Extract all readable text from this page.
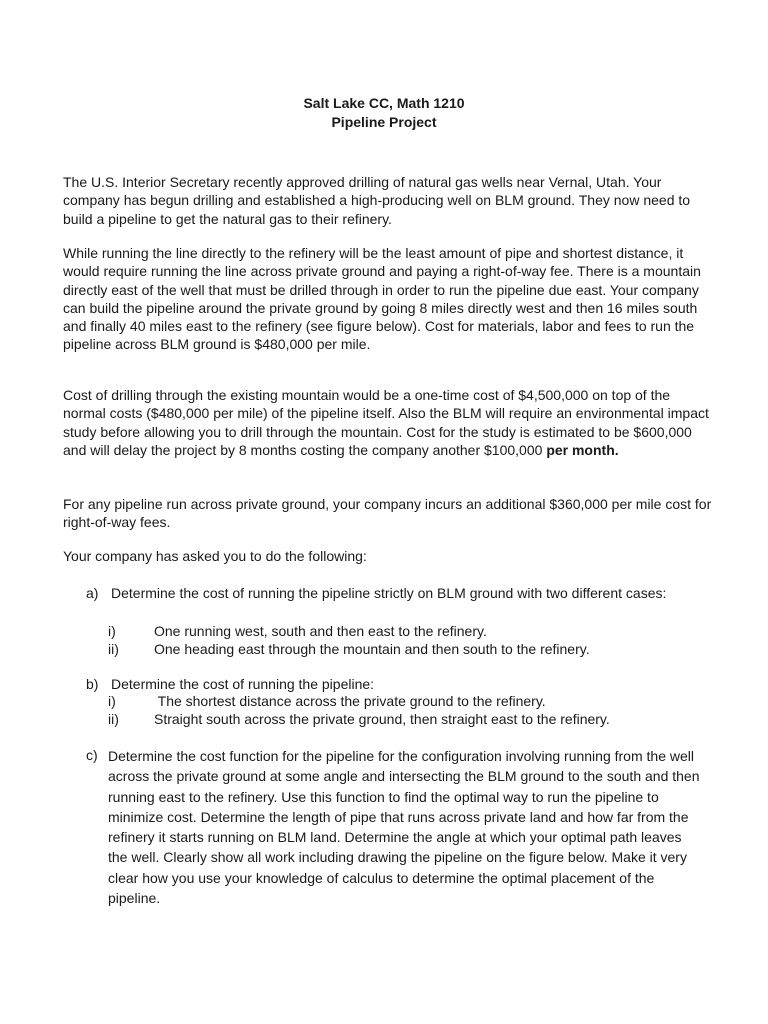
Salt Lake CC, Math 1210
Pipeline Project

The U.S. Interior Secretary recently approved drilling of natural gas wells near Vernal, Utah. Your company has begun drilling and established a high-producing well on BLM ground. They now need to build a pipeline to get the natural gas to their refinery.

While running the line directly to the refinery will be the least amount of pipe and shortest distance, it would require running the line across private ground and paying a right-of-way fee. There is a mountain directly east of the well that must be drilled through in order to run the pipeline due east. Your company can build the pipeline around the private ground by going 8 miles directly west and then 16 miles south and finally 40 miles east to the refinery (see figure below). Cost for materials, labor and fees to run the pipeline across BLM ground is $480,000 per mile.

Cost of drilling through the existing mountain would be a one-time cost of $4,500,000 on top of the normal costs ($480,000 per mile) of the pipeline itself. Also the BLM will require an environmental impact study before allowing you to drill through the mountain. Cost for the study is estimated to be $600,000 and will delay the project by 8 months costing the company another $100,000 per month.

For any pipeline run across private ground, your company incurs an additional $360,000 per mile cost for right-of-way fees.

Your company has asked you to do the following:

a) Determine the cost of running the pipeline strictly on BLM ground with two different cases:
i)	One running west, south and then east to the refinery.
ii)	One heading east through the mountain and then south to the refinery.
b) Determine the cost of running the pipeline:
i)	The shortest distance across the private ground to the refinery.
ii)	Straight south across the private ground, then straight east to the refinery.
c) Determine the cost function for the pipeline for the configuration involving running from the well across the private ground at some angle and intersecting the BLM ground to the south and then running east to the refinery. Use this function to find the optimal way to run the pipeline to minimize cost. Determine the length of pipe that runs across private land and how far from the refinery it starts running on BLM land. Determine the angle at which your optimal path leaves the well. Clearly show all work including drawing the pipeline on the figure below. Make it very clear how you use your knowledge of calculus to determine the optimal placement of the pipeline.
